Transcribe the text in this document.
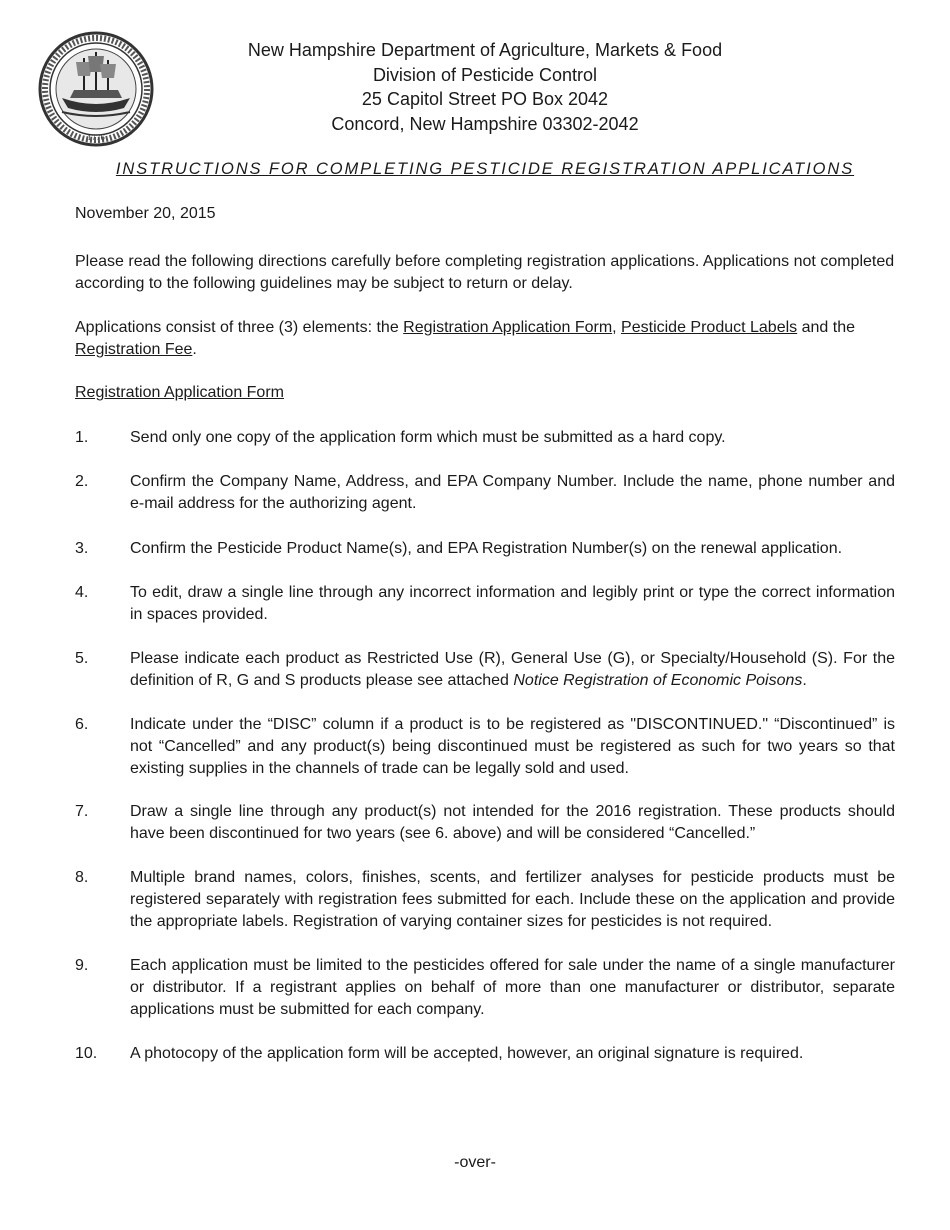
1776
New Hampshire Department of Agriculture, Markets & Food
Division of Pesticide Control
25 Capitol Street PO Box 2042
Concord, New Hampshire 03302-2042
INSTRUCTIONS FOR COMPLETING PESTICIDE REGISTRATION APPLICATIONS
November 20, 2015
Please read the following directions carefully before completing registration applications. Applications not completed according to the following guidelines may be subject to return or delay.
Applications consist of three (3) elements: the Registration Application Form, Pesticide Product Labels and the Registration Fee.
Registration Application Form
1.	Send only one copy of the application form which must be submitted as a hard copy.
2.	Confirm the Company Name, Address, and EPA Company Number. Include the name, phone number and e-mail address for the authorizing agent.
3.	Confirm the Pesticide Product Name(s), and EPA Registration Number(s) on the renewal application.
4.	To edit, draw a single line through any incorrect information and legibly print or type the correct information in spaces provided.
5.	Please indicate each product as Restricted Use (R), General Use (G), or Specialty/Household (S). For the definition of R, G and S products please see attached Notice Registration of Economic Poisons.
6.	Indicate under the “DISC” column if a product is to be registered as "DISCONTINUED." “Discontinued” is not “Cancelled” and any product(s) being discontinued must be registered as such for two years so that existing supplies in the channels of trade can be legally sold and used.
7.	Draw a single line through any product(s) not intended for the 2016 registration. These products should have been discontinued for two years (see 6. above) and will be considered “Cancelled.”
8.	Multiple brand names, colors, finishes, scents, and fertilizer analyses for pesticide products must be registered separately with registration fees submitted for each. Include these on the application and provide the appropriate labels. Registration of varying container sizes for pesticides is not required.
9.	Each application must be limited to the pesticides offered for sale under the name of a single manufacturer or distributor. If a registrant applies on behalf of more than one manufacturer or distributor, separate applications must be submitted for each company.
10.	A photocopy of the application form will be accepted, however, an original signature is required.
-over-
